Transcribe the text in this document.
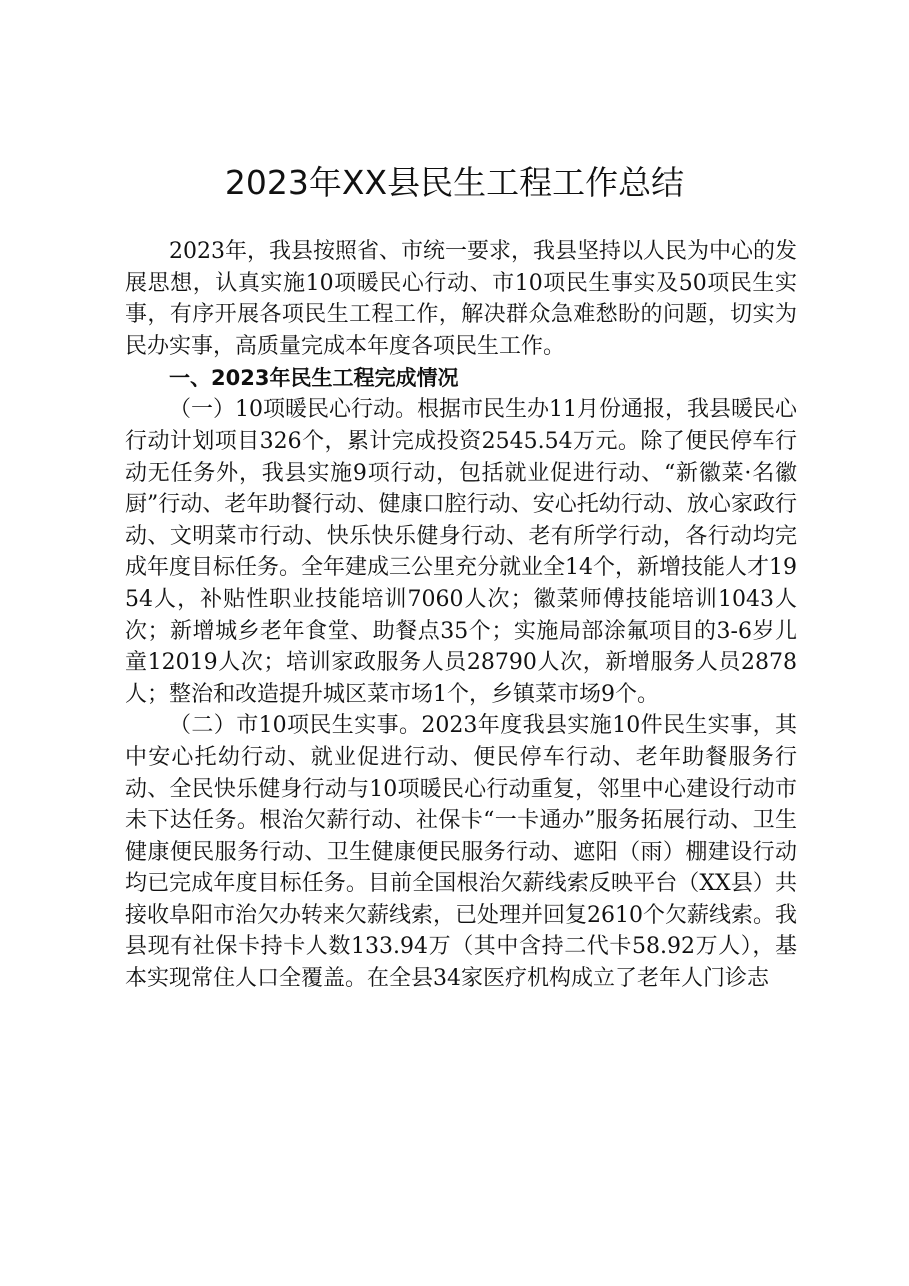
2023年XX县民生工程工作总结

2023年，我县按照省、市统一要求，我县坚持以人民为中心的发展思想，认真实施10项暖民心行动、市10项民生事实及50项民生实事，有序开展各项民生工程工作，解决群众急难愁盼的问题，切实为民办实事，高质量完成本年度各项民生工作。

一、2023年民生工程完成情况

（一）10项暖民心行动。根据市民生办11月份通报，我县暖民心行动计划项目326个，累计完成投资2545.54万元。除了便民停车行动无任务外，我县实施9项行动，包括就业促进行动、“新徽菜·名徽厨”行动、老年助餐行动、健康口腔行动、安心托幼行动、放心家政行动、文明菜市行动、快乐快乐健身行动、老有所学行动，各行动均完成年度目标任务。全年建成三公里充分就业全14个，新增技能人才1954人，补贴性职业技能培训7060人次；徽菜师傅技能培训1043人次；新增城乡老年食堂、助餐点35个；实施局部涂氟项目的3-6岁儿童12019人次；培训家政服务人员28790人次，新增服务人员2878人；整治和改造提升城区菜市场1个，乡镇菜市场9个。

（二）市10项民生实事。2023年度我县实施10件民生实事，其中安心托幼行动、就业促进行动、便民停车行动、老年助餐服务行动、全民快乐健身行动与10项暖民心行动重复，邻里中心建设行动市未下达任务。根治欠薪行动、社保卡“一卡通办”服务拓展行动、卫生健康便民服务行动、卫生健康便民服务行动、遮阳（雨）棚建设行动均已完成年度目标任务。目前全国根治欠薪线索反映平台（XX县）共接收阜阳市治欠办转来欠薪线索，已处理并回复2610个欠薪线索。我县现有社保卡持卡人数133.94万（其中含持二代卡58.92万人），基本实现常住人口全覆盖。在全县34家医疗机构成立了老年人门诊志
